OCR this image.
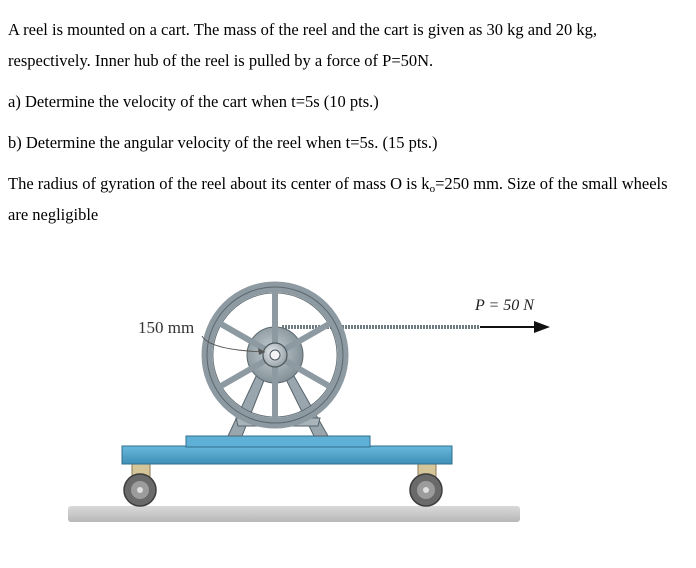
A reel is mounted on a cart. The mass of the reel and the cart is given as 30 kg and 20 kg, respectively. Inner hub of the reel is pulled by a force of P=50N.

a) Determine the velocity of the cart when t=5s (10 pts.)

b) Determine the angular velocity of the reel when t=5s. (15 pts.)

The radius of gyration of the reel about its center of mass O is $k_o=250$ mm. Size of the small wheels are negligible

150 mm
P = 50 N
